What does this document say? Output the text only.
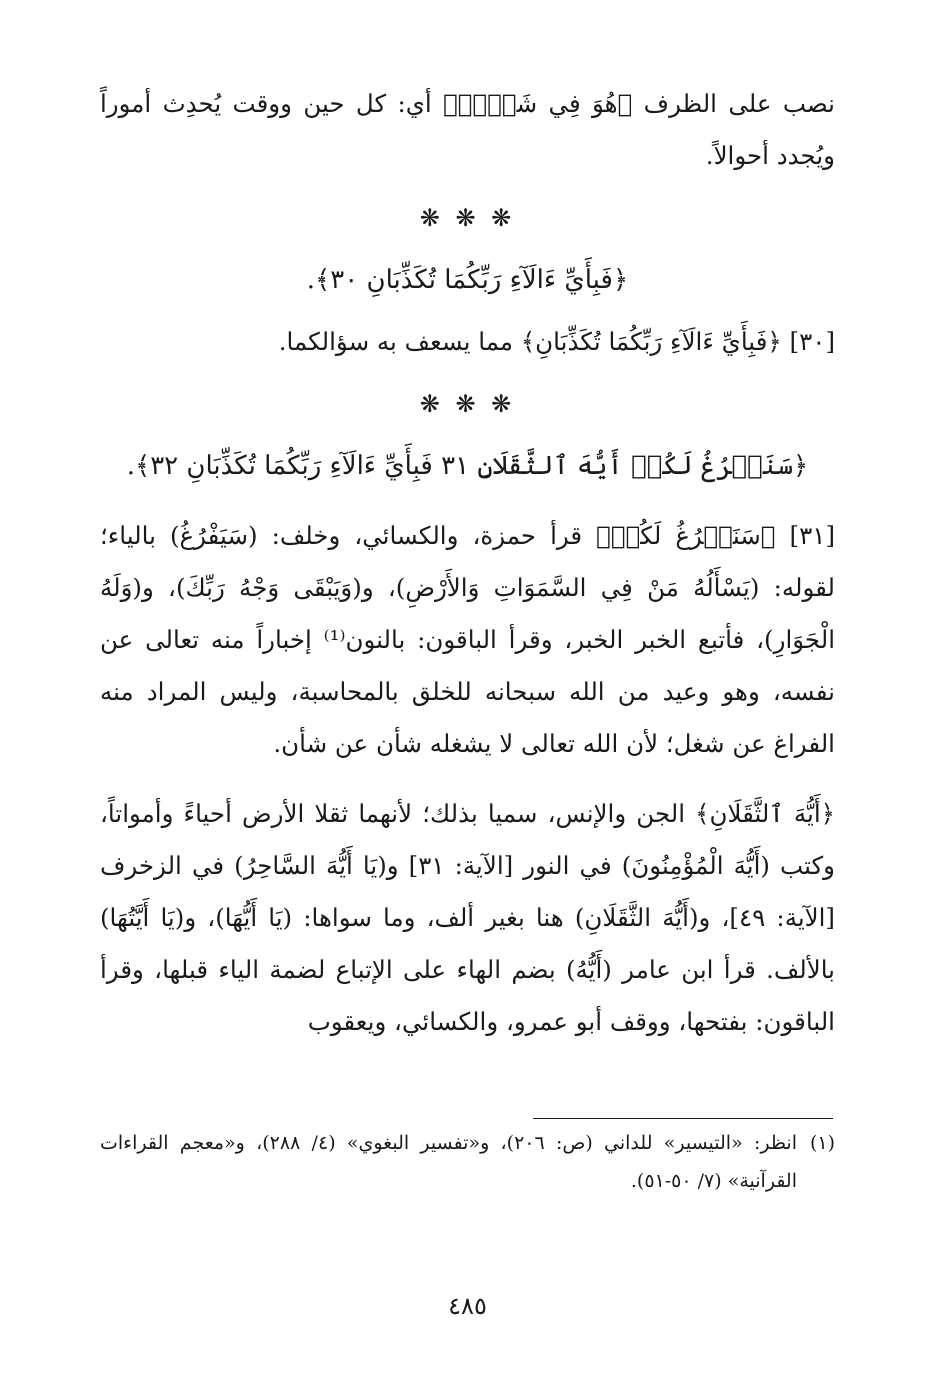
نصب على الظرف ﴿هُوَ فِي شَأۡنٖ﴾ أي: كل حين ووقت يُحدِث أموراً ويُجدد أحوالاً.

❋ ❋ ❋

﴿فَبِأَيِّ ءَالَآءِ رَبِّكُمَا تُكَذِّبَانِ ٣٠﴾.

[٣٠] ﴿فَبِأَيِّ ءَالَآءِ رَبِّكُمَا تُكَذِّبَانِ﴾ مما يسعف به سؤالكما.

❋ ❋ ❋

﴿سَنَفۡرُغُ لَكُمۡ أَيُّهَ ٱلثَّقَلَانِ ٣١ فَبِأَيِّ ءَالَآءِ رَبِّكُمَا تُكَذِّبَانِ ٣٢﴾.

[٣١] ﴿سَنَفۡرُغُ لَكُمۡ﴾ قرأ حمزة، والكسائي، وخلف: (سَيَفْرُغُ) بالياء؛ لقوله: (يَسْأَلُهُ مَنْ فِي السَّمَوَاتِ وَالأَرْضِ)، و(وَيَبْقَى وَجْهُ رَبِّكَ)، و(وَلَهُ الْجَوَارِ)، فأتبع الخبر الخبر، وقرأ الباقون: بالنون⁽¹⁾ إخباراً منه تعالى عن نفسه، وهو وعيد من الله سبحانه للخلق بالمحاسبة، وليس المراد منه الفراغ عن شغل؛ لأن الله تعالى لا يشغله شأن عن شأن.

﴿أَيُّهَ ٱلثَّقَلَانِ﴾ الجن والإنس، سميا بذلك؛ لأنهما ثقلا الأرض أحياءً وأمواتاً، وكتب (أَيُّهَ الْمُؤْمِنُونَ) في النور [الآية: ٣١] و(يَا أَيُّهَ السَّاحِرُ) في الزخرف [الآية: ٤٩]، و(أَيُّهَ الثَّقَلَانِ) هنا بغير ألف، وما سواها: (يَا أَيُّهَا)، و(يَا أَيَّتُهَا) بالألف. قرأ ابن عامر (أَيُّهُ) بضم الهاء على الإتباع لضمة الياء قبلها، وقرأ الباقون: بفتحها، ووقف أبو عمرو، والكسائي، ويعقوب

(١)
انظر: «التيسير» للداني (ص: ٢٠٦)، و«تفسير البغوي» (٤/ ٢٨٨)، و«معجم القراءات القرآنية» (٧/ ٥٠-٥١).
٤٨٥
